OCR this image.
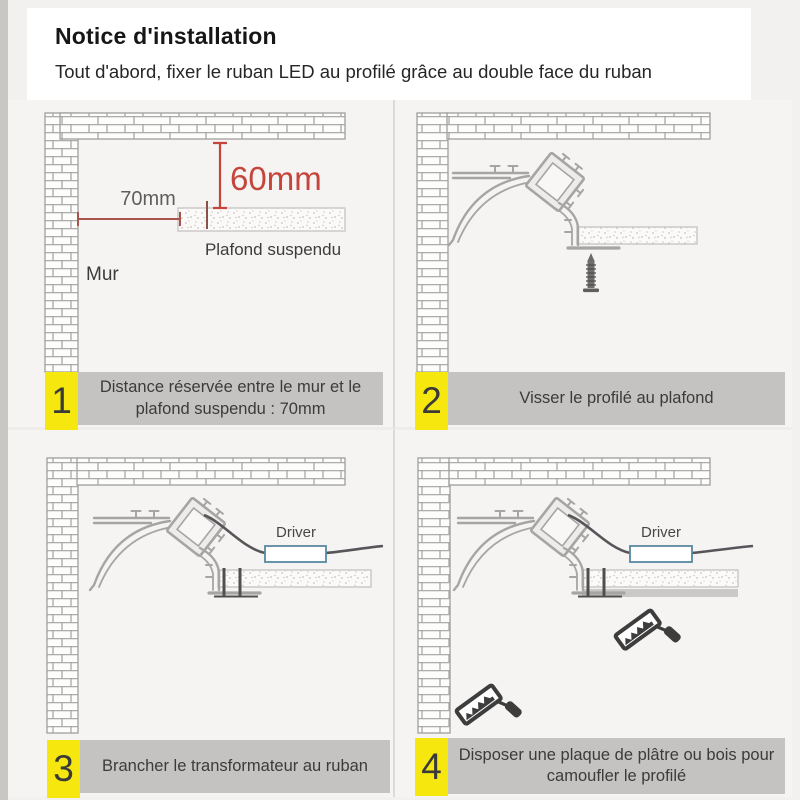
Notice d'installation

Tout d'abord, fixer le ruban LED au profilé grâce au double face du ruban

70mm
60mm
Plafond suspendu
Mur
1	Distance réservée entre le mur et le plafond suspendu : 70mm	2	Visser le profilé au plafond
Driver
3	Brancher le transformateur au ruban
Driver
4	Disposer une plaque de plâtre ou bois pour camoufler le profilé
